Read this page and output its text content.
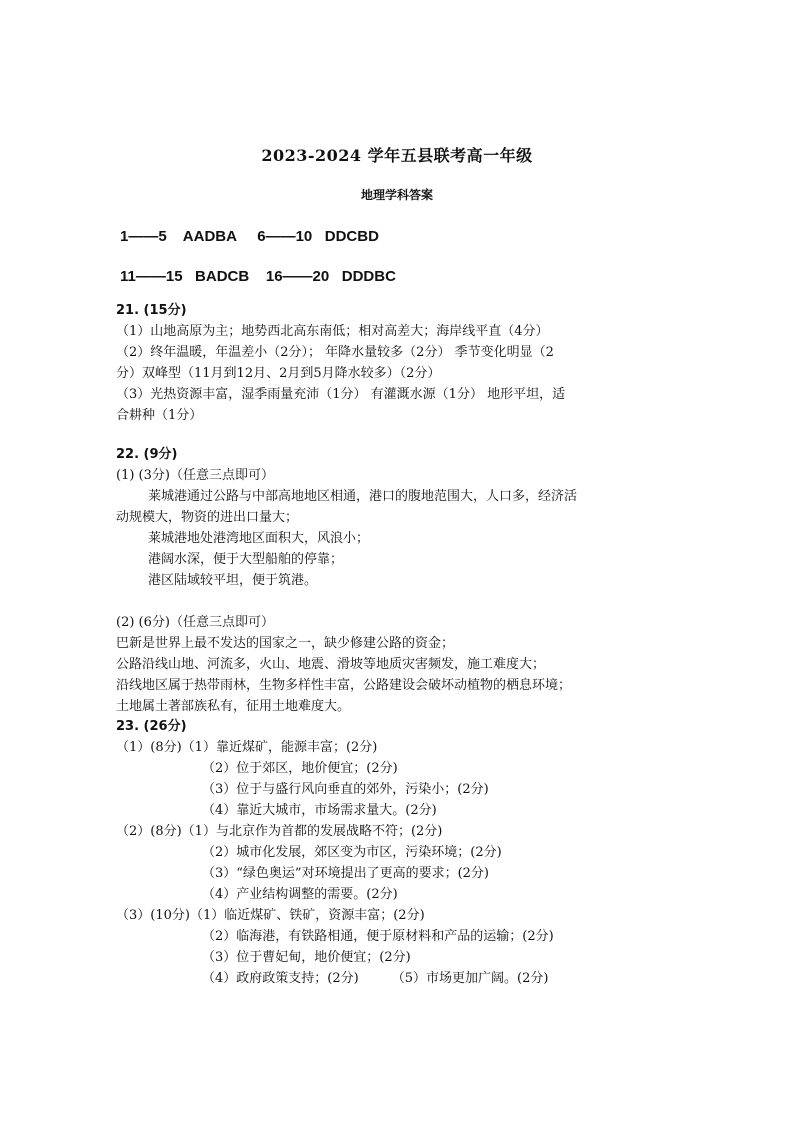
2023-2024 学年五县联考高一年级
地理学科答案
1——5    AADBA     6——10   DDCBD
11——15   BADCB    16——20   DDDBC
21. (15分)
（1）山地高原为主；地势西北高东南低；相对高差大；海岸线平直（4分）
（2）终年温暖，年温差小（2分）； 年降水量较多（2分） 季节变化明显（2
分）双峰型（11月到12月、2月到5月降水较多）（2分）
（3）光热资源丰富，湿季雨量充沛（1分） 有灌溉水源（1分） 地形平坦，适
合耕种（1分）
22. (9分)
(1) (3分)（任意三点即可）
莱城港通过公路与中部高地地区相通，港口的腹地范围大，人口多，经济活
动规模大，物资的进出口量大；
莱城港地处港湾地区面积大，风浪小；
港阔水深，便于大型船舶的停靠；
港区陆域较平坦，便于筑港。
(2) (6分)（任意三点即可）
巴新是世界上最不发达的国家之一，缺少修建公路的资金；
公路沿线山地、河流多，火山、地震、滑坡等地质灾害频发，施工难度大；
沿线地区属于热带雨林，生物多样性丰富，公路建设会破坏动植物的栖息环境；
土地属土著部族私有，征用土地难度大。
23. (26分)
（1）(8分)（1）靠近煤矿，能源丰富；(2分)
（2）位于郊区，地价便宜；(2分)
（3）位于与盛行风向垂直的郊外，污染小；(2分)
（4）靠近大城市，市场需求量大。(2分)
（2）(8分)（1）与北京作为首都的发展战略不符；(2分)
（2）城市化发展，郊区变为市区，污染环境；(2分)
（3）“绿色奥运”对环境提出了更高的要求；(2分)
（4）产业结构调整的需要。(2分)
（3）(10分)（1）临近煤矿、铁矿，资源丰富；(2分)
（2）临海港，有铁路相通，便于原材料和产品的运输；(2分)
（3）位于曹妃甸，地价便宜；(2分)
（4）政府政策支持；(2分)        （5）市场更加广阔。(2分)
